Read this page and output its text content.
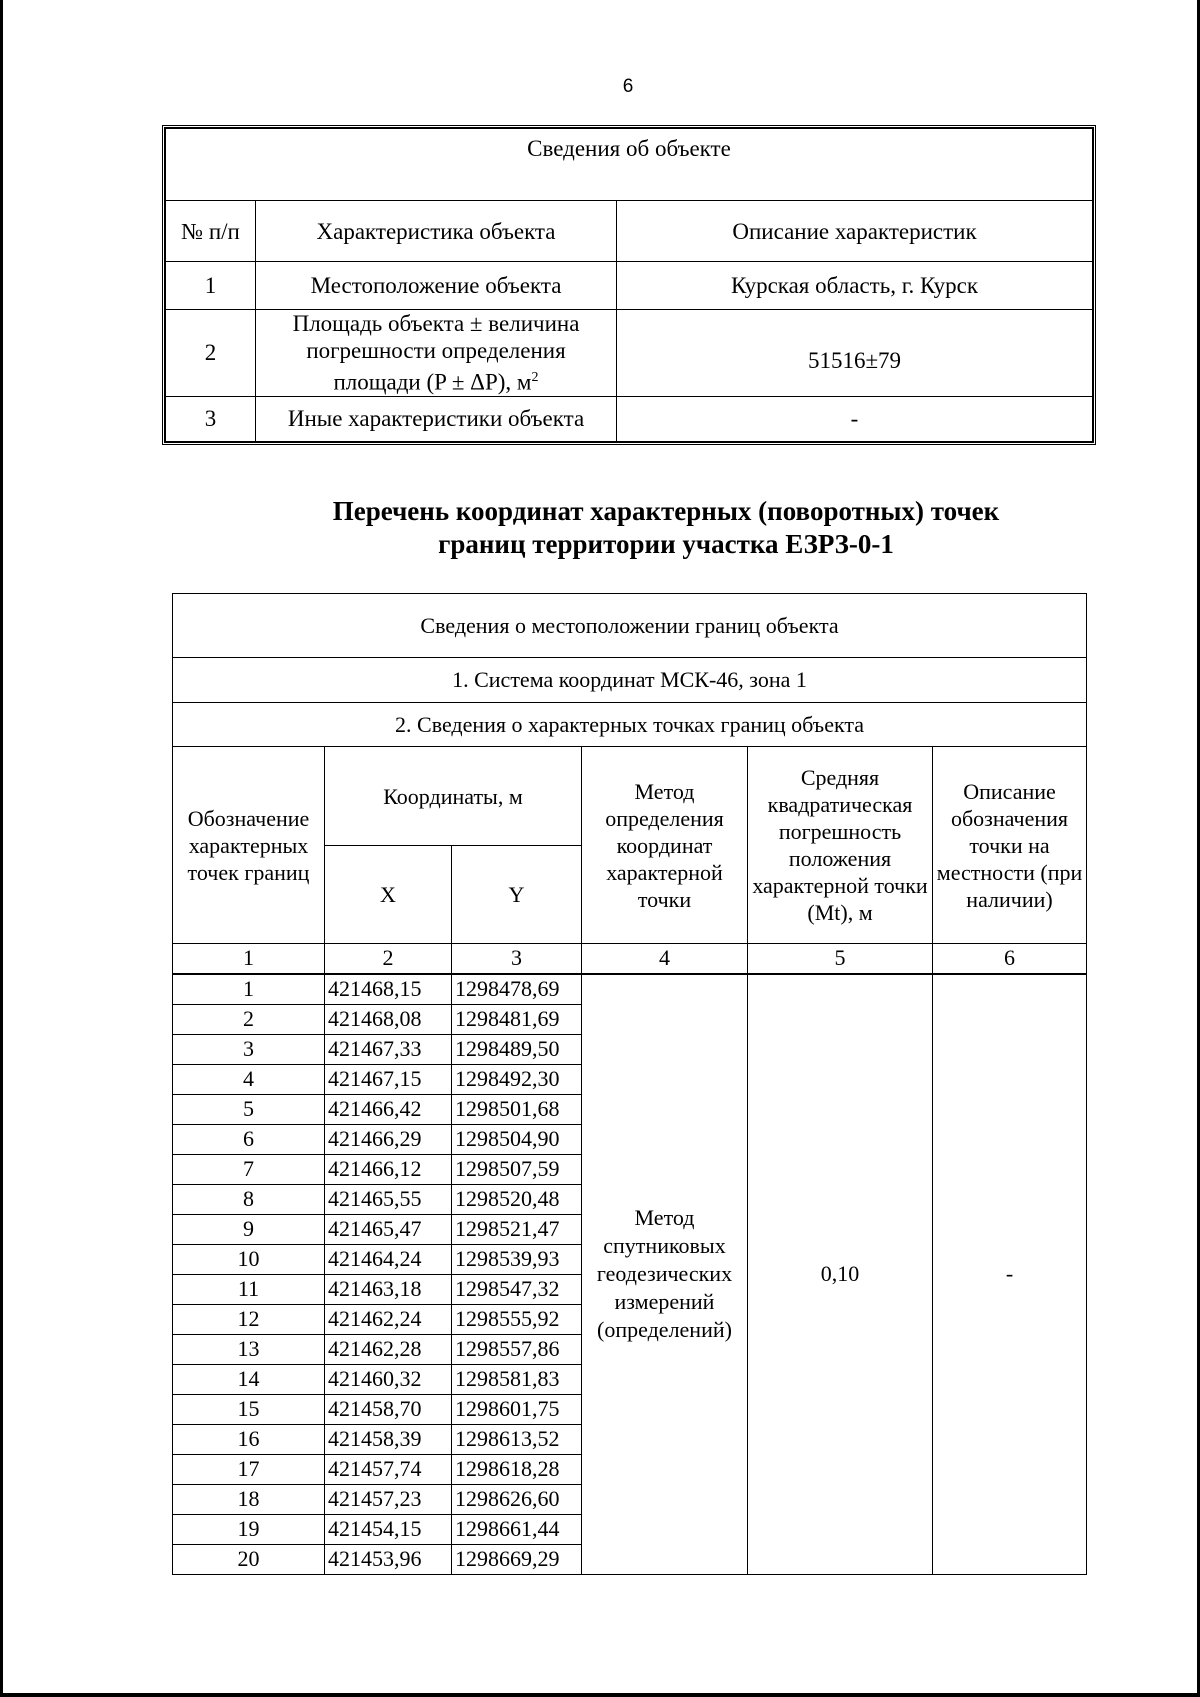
6
Сведения об объекте		
№ п/п	Характеристика объекта	Описание характеристик
1	Местоположение объекта	Курская область, г. Курск
2	Площадь объекта ± величина
погрешности определения
площади (P ± ΔP), $м^2$	51516±79
3	Иные характеристики объекта	-
Перечень координат характерных (поворотных) точек
границ территории участка ЕЗРЗ-0-1
Сведения о местоположении границ объекта					
1. Система координат МСК-46, зона 1					
2. Сведения о характерных точках границ объекта					
Обозначение характерных точек границ	Координаты, м		Метод определения координат характерной точки	Средняя квадратическая погрешность положения характерной точки (Mt), м	Описание обозначения точки на местности (при наличии)
	X	Y			
1	2	3	4	5	6
1	421468,15	1298478,69	Метод спутниковых геодезических измерений (определений)	0,10	-
2	421468,08	1298481,69			
3	421467,33	1298489,50			
4	421467,15	1298492,30			
5	421466,42	1298501,68			
6	421466,29	1298504,90			
7	421466,12	1298507,59			
8	421465,55	1298520,48			
9	421465,47	1298521,47			
10	421464,24	1298539,93			
11	421463,18	1298547,32			
12	421462,24	1298555,92			
13	421462,28	1298557,86			
14	421460,32	1298581,83			
15	421458,70	1298601,75			
16	421458,39	1298613,52			
17	421457,74	1298618,28			
18	421457,23	1298626,60			
19	421454,15	1298661,44			
20	421453,96	1298669,29			
